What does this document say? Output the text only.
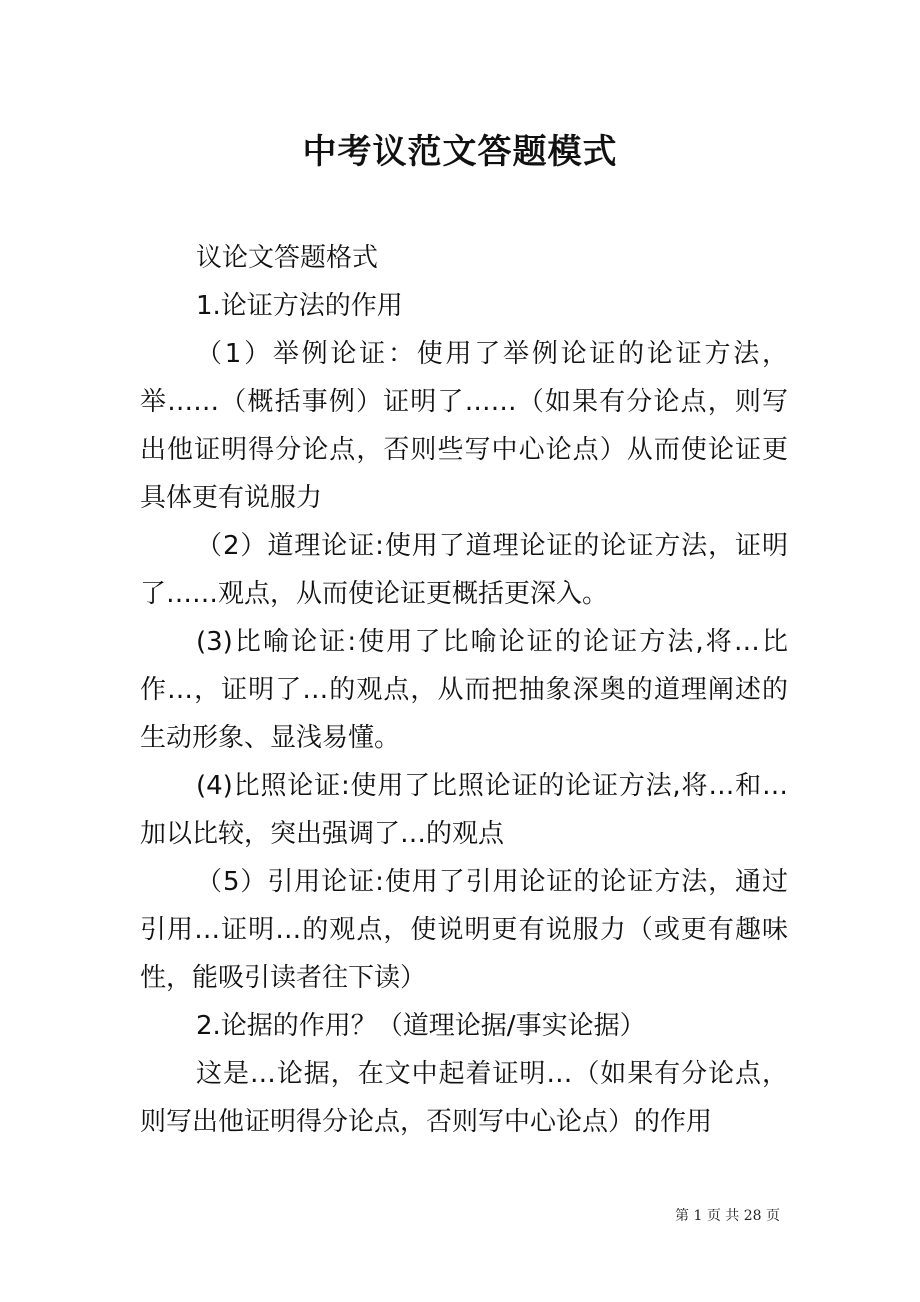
中考议范文答题模式

议论文答题格式

1.论证方法的作用

（1）举例论证：使用了举例论证的论证方法，举……（概括事例）证明了……（如果有分论点，则写出他证明得分论点，否则些写中心论点）从而使论证更具体更有说服力

（2）道理论证:使用了道理论证的论证方法，证明了……观点，从而使论证更概括更深入。

(3)比喻论证:使用了比喻论证的论证方法,将…比作…，证明了…的观点，从而把抽象深奥的道理阐述的生动形象、显浅易懂。

(4)比照论证:使用了比照论证的论证方法,将…和…加以比较，突出强调了…的观点

（5）引用论证:使用了引用论证的论证方法，通过引用…证明…的观点，使说明更有说服力（或更有趣味性，能吸引读者往下读）

2.论据的作用？（道理论据/事实论据）

这是…论据，在文中起着证明…（如果有分论点，则写出他证明得分论点，否则写中心论点）的作用

第 1 页 共 28 页
